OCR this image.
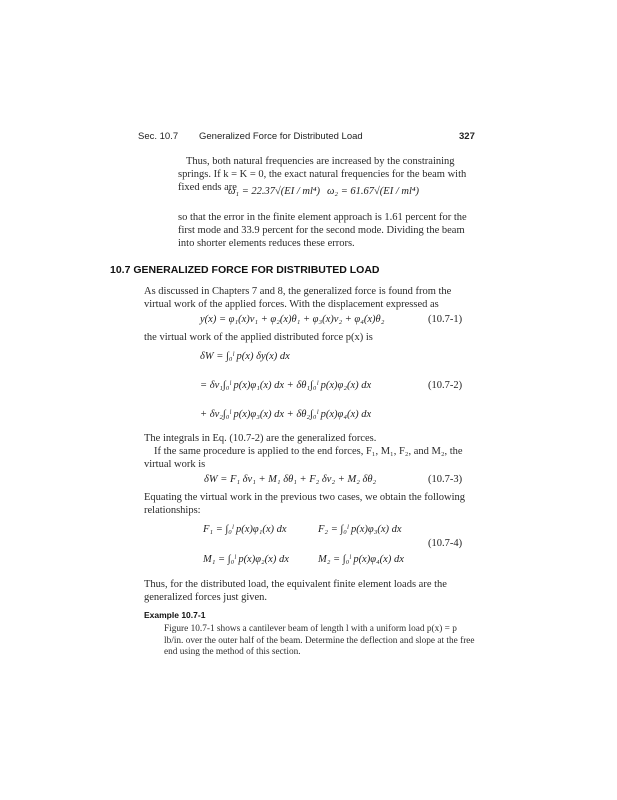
Sec. 10.7 Generalized Force for Distributed Load	327
Thus, both natural frequencies are increased by the constraining springs. If k = K = 0, the exact natural frequencies for the beam with fixed ends are
ω₁ = 22.37√(EI / ml⁴) ω₂ = 61.67√(EI / ml⁴)
so that the error in the finite element approach is 1.61 percent for the first mode and 33.9 percent for the second mode. Dividing the beam into shorter elements reduces these errors.
10.7 GENERALIZED FORCE FOR DISTRIBUTED LOAD
As discussed in Chapters 7 and 8, the generalized force is found from the virtual work of the applied forces. With the displacement expressed as
y(x) = φ₁(x)v₁ + φ₂(x)θ₁ + φ₃(x)v₂ + φ₄(x)θ₂	(10.7-1)
the virtual work of the applied distributed force p(x) is
δW = ∫₀ˡ p(x) δy(x) dx
= δv₁∫₀ˡ p(x)φ₁(x) dx + δθ₁∫₀ˡ p(x)φ₂(x) dx	(10.7-2)
+ δv₂∫₀ˡ p(x)φ₃(x) dx + δθ₂∫₀ˡ p(x)φ₄(x) dx
The integrals in Eq. (10.7-2) are the generalized forces.
If the same procedure is applied to the end forces, F₁, M₁, F₂, and M₂, the virtual work is
δW = F₁ δv₁ + M₁ δθ₁ + F₂ δv₂ + M₂ δθ₂	(10.7-3)
Equating the virtual work in the previous two cases, we obtain the following relationships:
F₁ = ∫₀ˡ p(x)φ₁(x) dx	F₂ = ∫₀ˡ p(x)φ₃(x) dx
(10.7-4)
M₁ = ∫₀ˡ p(x)φ₂(x) dx	M₂ = ∫₀ˡ p(x)φ₄(x) dx
Thus, for the distributed load, the equivalent finite element loads are the generalized forces just given.
Example 10.7-1
Figure 10.7-1 shows a cantilever beam of length l with a uniform load p(x) = p lb/in. over the outer half of the beam. Determine the deflection and slope at the free end using the method of this section.
